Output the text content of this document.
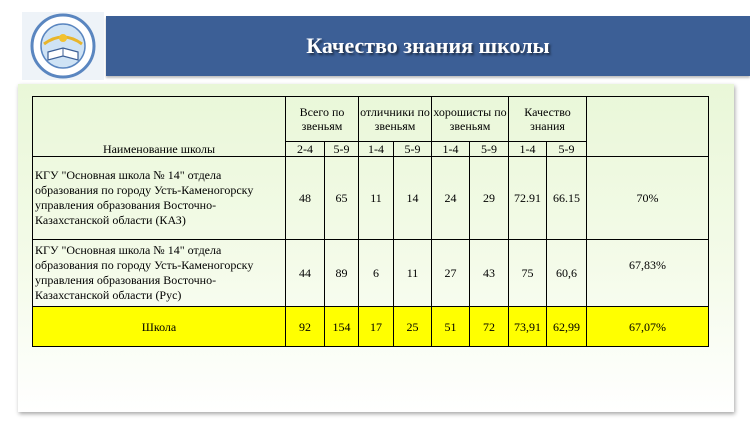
Качество знания школы
Наименование школы	Всего по звеньям		отличники по звеньям		хорошисты по звеньям		Качество знания		
	2-4	5-9	1-4	5-9	1-4	5-9	1-4	5-9	
КГУ "Основная школа № 14" отдела образования по городу Усть-Каменогорску управления образования Восточно-Казахстанской области (КАЗ)	48	65	11	14	24	29	72.91	66.15	70%
КГУ "Основная школа № 14" отдела образования по городу Усть-Каменогорску управления образования Восточно-Казахстанской области (Рус)	44	89	6	11	27	43	75	60,6	67,83%
Школа	92	154	17	25	51	72	73,91	62,99	67,07%
